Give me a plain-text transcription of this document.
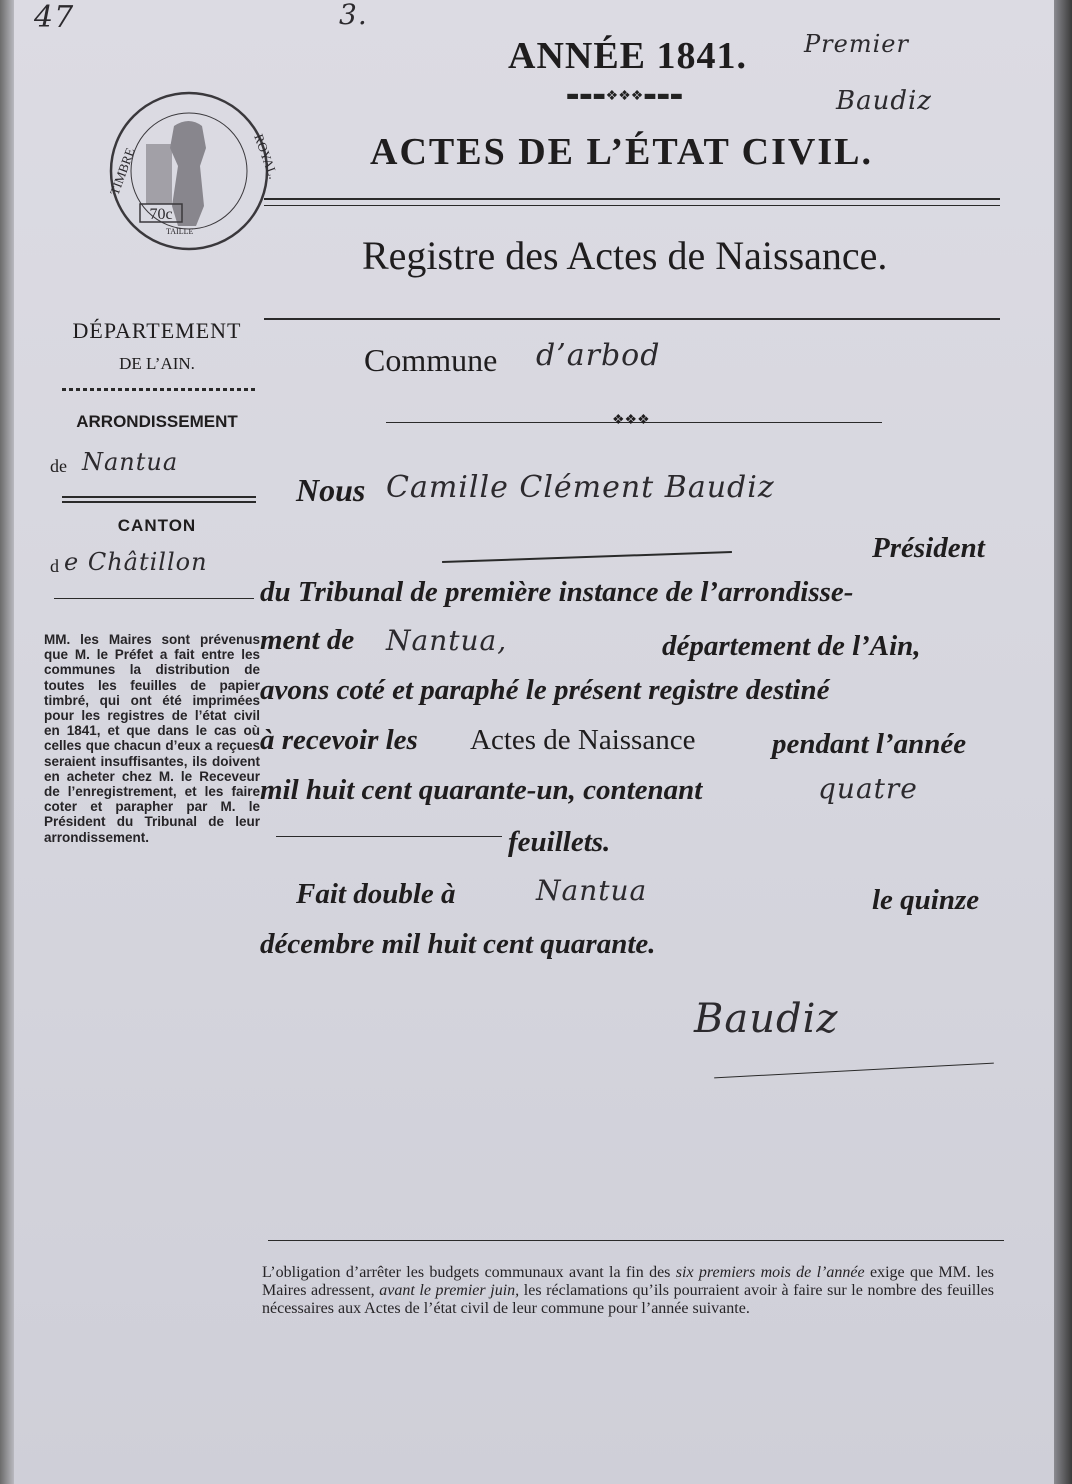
47	3.
ANNÉE 1841.
▬▬▬❖❖❖▬▬▬
ACTES DE L’ÉTAT CIVIL.
Registre des Actes de Naissance.
Premier
Baudiz
70c
TIMBRE	ROYAL.
TAILLE
DÉPARTEMENT
DE L’AIN.
ARRONDISSEMENT
de Nantua
CANTON
d e Châtillon
MM. les Maires sont prévenus que M. le Préfet a fait entre les communes la distribution de toutes les feuilles de papier timbré, qui ont été imprimées pour les registres de l’état civil en 1841, et que dans le cas où celles que chacun d’eux a reçues seraient insuffisantes, ils doivent en acheter chez M. le Receveur de l’enregistrement, et les faire coter et parapher par M. le Président du Tribunal de leur arrondissement.
Commune d’arbod
❖❖❖
Nous Camille Clément Baudiz
Président
du Tribunal de première instance de l’arrondisse-
ment de Nantua,	département de l’Ain,
avons coté et paraphé le présent registre destiné
à recevoir les Actes de Naissance	pendant l’année
mil huit cent quarante-un, contenant	quatre
feuillets.
Fait double à	Nantua	le quinze
décembre mil huit cent quarante.
Baudiz
L’obligation d’arrêter les budgets communaux avant la fin des six premiers mois de l’année exige que MM. les Maires adressent, avant le premier juin, les réclamations qu’ils pourraient avoir à faire sur le nombre des feuilles nécessaires aux Actes de l’état civil de leur commune pour l’année suivante.
